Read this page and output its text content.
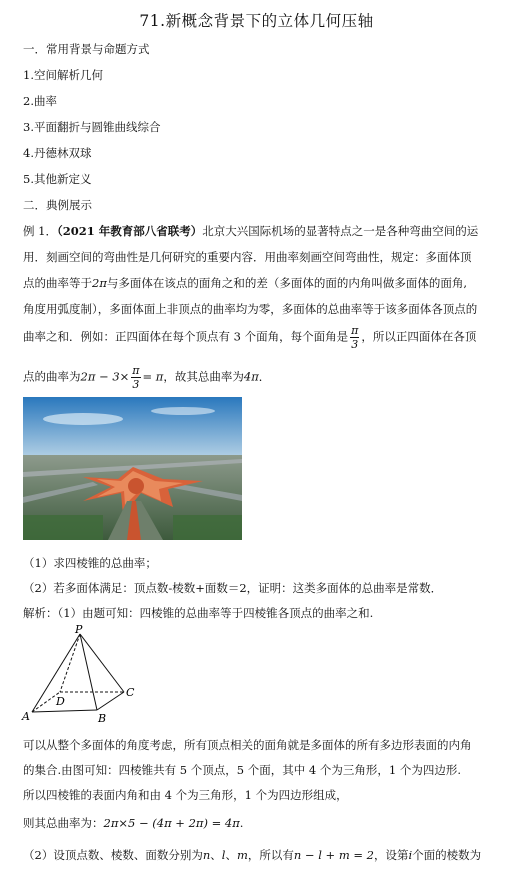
71.新概念背景下的立体几何压轴
一．常用背景与命题方式
1.空间解析几何
2.曲率
3.平面翻折与圆锥曲线综合
4.丹德林双球
5.其他新定义
二．典例展示
例 1．（2021 年教育部八省联考）北京大兴国际机场的显著特点之一是各种弯曲空间的运
用．刻画空间的弯曲性是几何研究的重要内容．用曲率刻画空间弯曲性，规定：多面体顶
点的曲率等于2π与多面体在该点的面角之和的差（多面体的面的内角叫做多面体的面角,
角度用弧度制），多面体面上非顶点的曲率均为零，多面体的总曲率等于该多面体各顶点的
曲率之和．例如：正四面体在每个顶点有 3 个面角，每个面角是 $\frac{\pi}{3}$ ，所以正四面体在各顶
点的曲率为$2\pi - 3\times \frac{\pi}{3} = \pi$，故其总曲率为4π．
（1）求四棱锥的总曲率；
（2）若多面体满足：顶点数-棱数+面数＝2，证明：这类多面体的总曲率是常数．
解析：（1）由题可知：四棱锥的总曲率等于四棱锥各顶点的曲率之和.
P
D
C
A	B
可以从整个多面体的角度考虑，所有顶点相关的面角就是多面体的所有多边形表面的内角
的集合.由图可知：四棱锥共有 5 个顶点，5 个面，其中 4 个为三角形，1 个为四边形.
所以四棱锥的表面内角和由 4 个为三角形，1 个为四边形组成，
则其总曲率为：2π×5 − (4π + 2π) = 4π.
（2）设顶点数、棱数、面数分别为n、l、m，所以有n − l + m = 2，设第i个面的棱数为
